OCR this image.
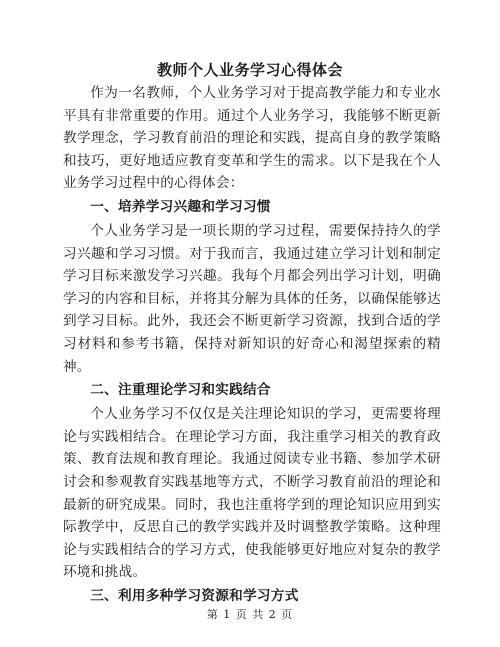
教师个人业务学习心得体会

作为一名教师，个人业务学习对于提高教学能力和专业水平具有非常重要的作用。通过个人业务学习，我能够不断更新教学理念，学习教育前沿的理论和实践，提高自身的教学策略和技巧，更好地适应教育变革和学生的需求。以下是我在个人业务学习过程中的心得体会：

一、培养学习兴趣和学习习惯

个人业务学习是一项长期的学习过程，需要保持持久的学习兴趣和学习习惯。对于我而言，我通过建立学习计划和制定学习目标来激发学习兴趣。我每个月都会列出学习计划，明确学习的内容和目标，并将其分解为具体的任务，以确保能够达到学习目标。此外，我还会不断更新学习资源，找到合适的学习材料和参考书籍，保持对新知识的好奇心和渴望探索的精神。

二、注重理论学习和实践结合

个人业务学习不仅仅是关注理论知识的学习，更需要将理论与实践相结合。在理论学习方面，我注重学习相关的教育政策、教育法规和教育理论。我通过阅读专业书籍、参加学术研讨会和参观教育实践基地等方式，不断学习教育前沿的理论和最新的研究成果。同时，我也注重将学到的理论知识应用到实际教学中，反思自己的教学实践并及时调整教学策略。这种理论与实践相结合的学习方式，使我能够更好地应对复杂的教学环境和挑战。

三、利用多种学习资源和学习方式

第 1 页 共 2 页
